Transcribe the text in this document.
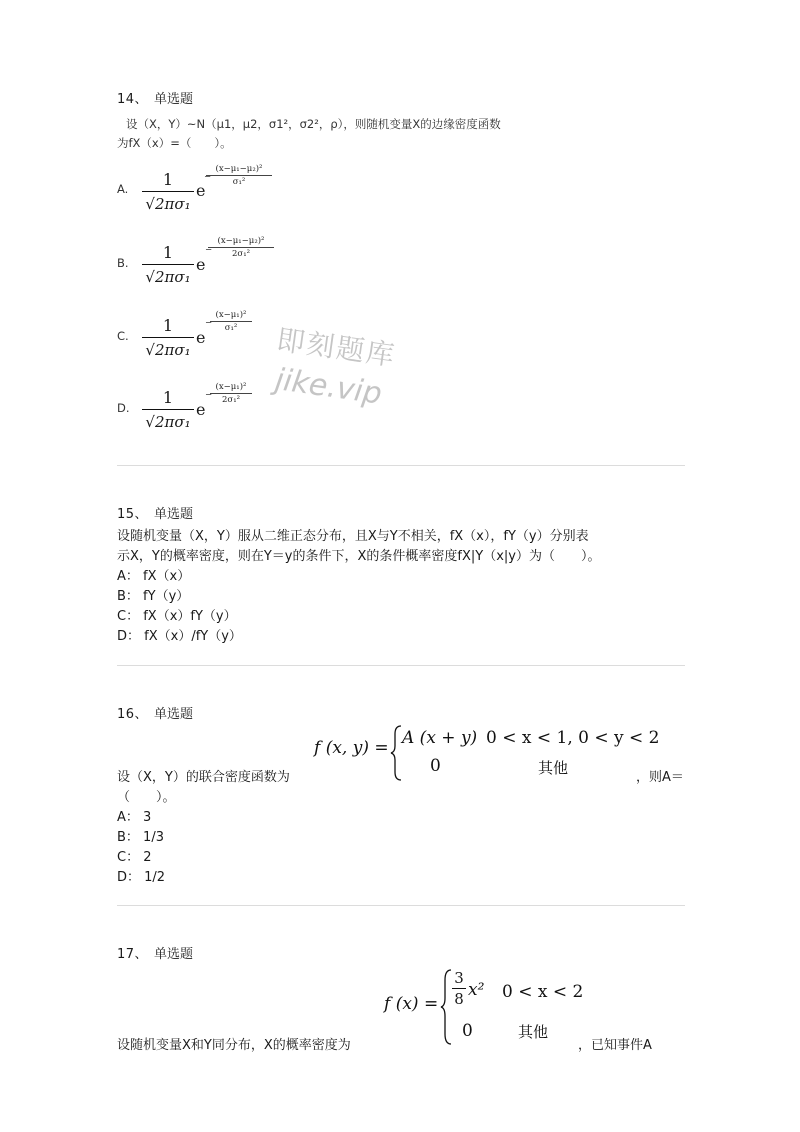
14、 单选题
设（X，Y）~N（μ1，μ2，σ1²，σ2²，ρ），则随机变量X的边缘密度函数
为fX（x）=（　　）。
A.	1
√2πσ₁
e
(x−μ₁−μ₂)²
σ₁²
−
B.
1
√2πσ₁
e
(x−μ₁−μ₂)²
2σ₁²
−
C.
1
√2πσ₁
e
(x−μ₁)²
σ₁²
−
D.
1
√2πσ₁
e
(x−μ₁)²
2σ₁²
−
即刻题库
jike.vip
15、 单选题
设随机变量（X，Y）服从二维正态分布，且X与Y不相关，fX（x），fY（y）分别表
示X，Y的概率密度，则在Y＝y的条件下，X的条件概率密度fX|Y（x|y）为（　　）。
A： fX（x）
B： fY（y）
C： fX（x）fY（y）
D： fX（x）/fY（y）
16、 单选题
f (x, y) = A (x + y) 0 < x < 1, 0 < y < 2
0	其他
设（X，Y）的联合密度函数为	，则A＝
（　　）。
A： 3
B： 1/3
C： 2
D： 1/2
17、 单选题
f (x) =
3
8 x² 0 < x < 2
0	其他
设随机变量X和Y同分布，X的概率密度为	，已知事件A
